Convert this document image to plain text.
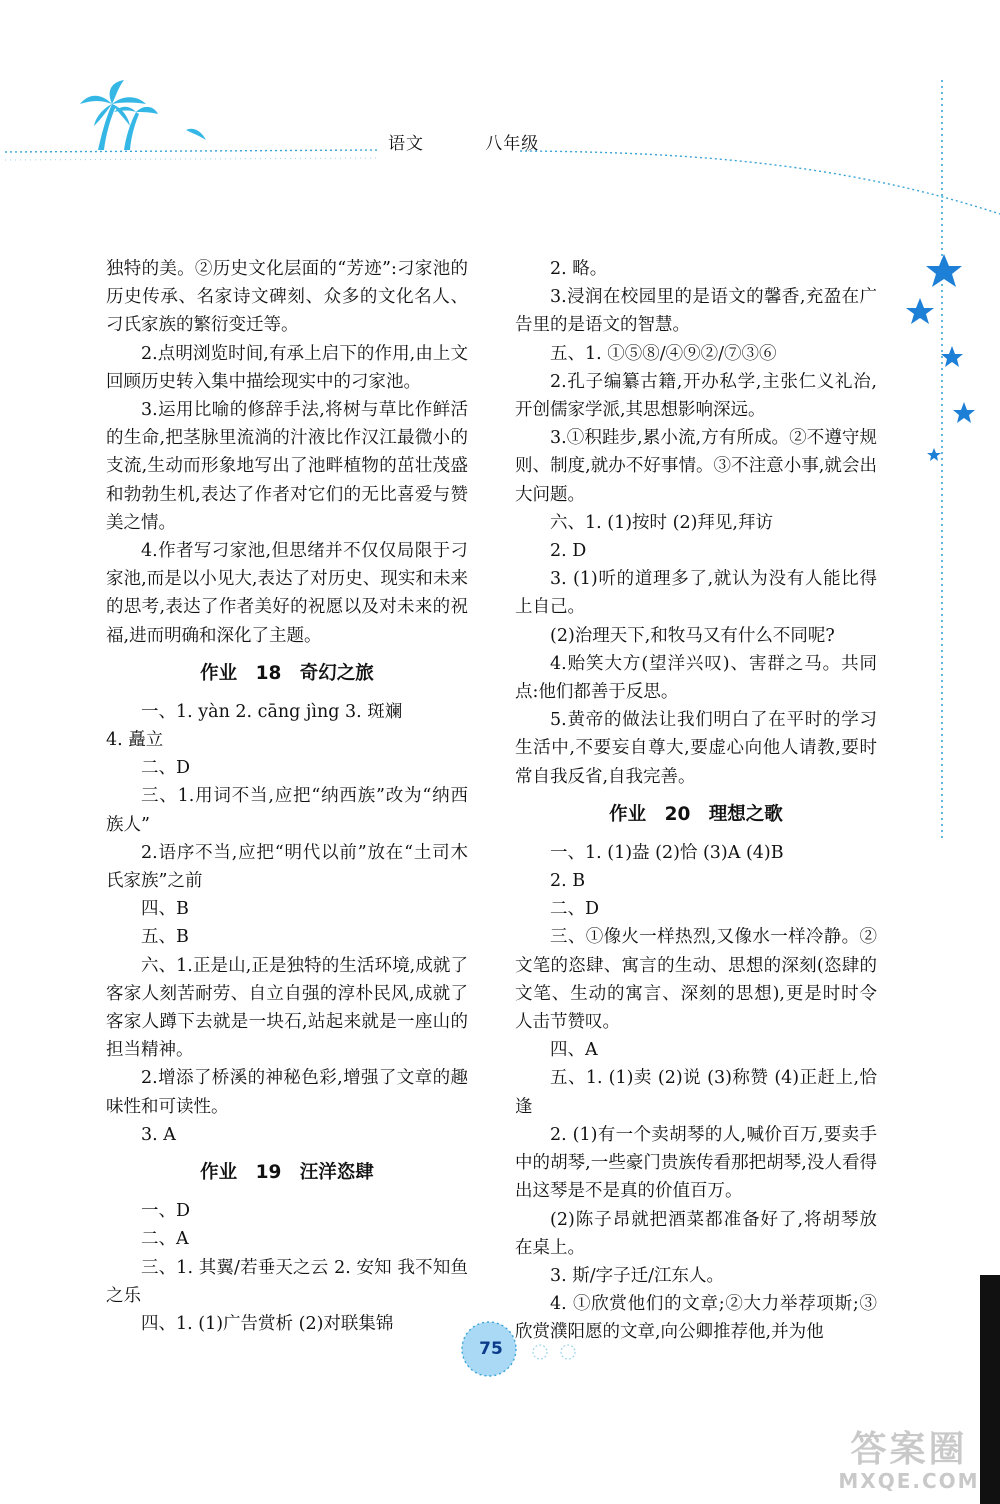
语文   八年级

独特的美。②历史文化层面的“芳迹”:刁家池的历史传承、名家诗文碑刻、众多的文化名人、刁氏家族的繁衍变迁等。

2.点明浏览时间,有承上启下的作用,由上文回顾历史转入集中描绘现实中的刁家池。

3.运用比喻的修辞手法,将树与草比作鲜活的生命,把茎脉里流淌的汁液比作汉江最微小的支流,生动而形象地写出了池畔植物的茁壮茂盛和勃勃生机,表达了作者对它们的无比喜爱与赞美之情。

4.作者写刁家池,但思绪并不仅仅局限于刁家池,而是以小见大,表达了对历史、现实和未来的思考,表达了作者美好的祝愿以及对未来的祝福,进而明确和深化了主题。

作业 18 奇幻之旅

一、1. yàn 2. cāng jìng 3. 斑斓

4. 矗立

二、D

三、1.用词不当,应把“纳西族”改为“纳西族人”

2.语序不当,应把“明代以前”放在“土司木氏家族”之前

四、B

五、B

六、1.正是山,正是独特的生活环境,成就了客家人刻苦耐劳、自立自强的淳朴民风,成就了客家人蹲下去就是一块石,站起来就是一座山的担当精神。

2.增添了桥溪的神秘色彩,增强了文章的趣味性和可读性。

3. A

作业 19 汪洋恣肆

一、D

二、A

三、1. 其翼/若垂天之云 2. 安知 我不知鱼之乐

四、1. (1)广告赏析 (2)对联集锦

2. 略。

3.浸润在校园里的是语文的馨香,充盈在广告里的是语文的智慧。

五、1. ①⑤⑧/④⑨②/⑦③⑥

2.孔子编纂古籍,开办私学,主张仁义礼治,开创儒家学派,其思想影响深远。

3.①积跬步,累小流,方有所成。②不遵守规则、制度,就办不好事情。③不注意小事,就会出大问题。

六、1. (1)按时 (2)拜见,拜访

2. D

3. (1)听的道理多了,就认为没有人能比得上自己。

(2)治理天下,和牧马又有什么不同呢?

4.贻笑大方(望洋兴叹)、害群之马。共同点:他们都善于反思。

5.黄帝的做法让我们明白了在平时的学习生活中,不要妄自尊大,要虚心向他人请教,要时常自我反省,自我完善。

作业 20 理想之歌

一、1. (1)盎 (2)恰 (3)A (4)B

2. B

二、D

三、①像火一样热烈,又像水一样冷静。②文笔的恣肆、寓言的生动、思想的深刻(恣肆的文笔、生动的寓言、深刻的思想),更是时时令人击节赞叹。

四、A

五、1. (1)卖 (2)说 (3)称赞 (4)正赶上,恰逢

2. (1)有一个卖胡琴的人,喊价百万,要卖手中的胡琴,一些豪门贵族传看那把胡琴,没人看得出这琴是不是真的价值百万。

(2)陈子昂就把酒菜都准备好了,将胡琴放在桌上。

3. 斯/字子迁/江东人。

4. ①欣赏他们的文章;②大力举荐项斯;③欣赏濮阳愿的文章,向公卿推荐他,并为他

75
答案圈
MXQE.COM
